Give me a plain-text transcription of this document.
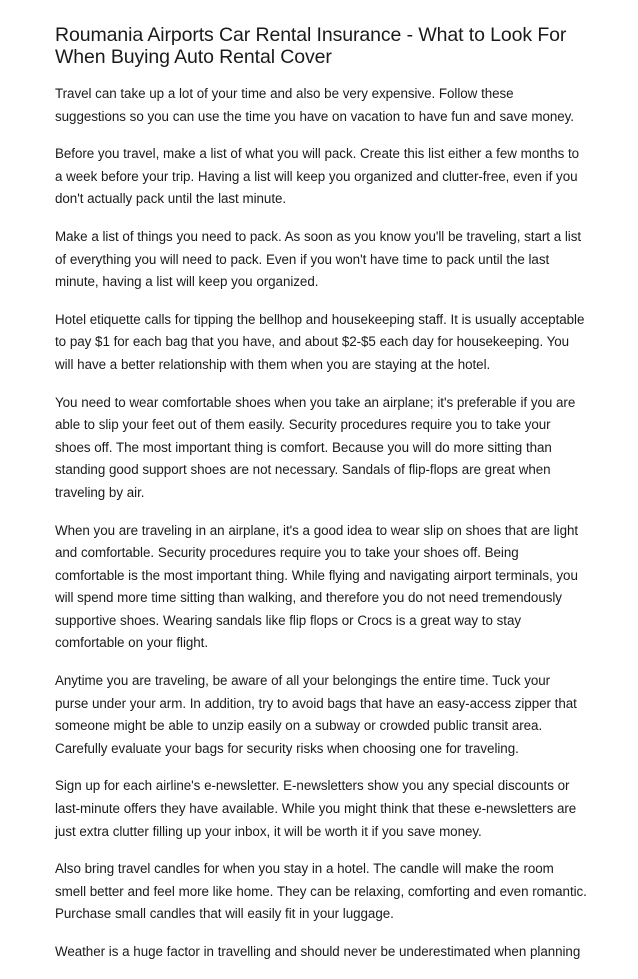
Roumania Airports Car Rental Insurance - What to Look For When Buying Auto Rental Cover

Travel can take up a lot of your time and also be very expensive. Follow these suggestions so you can use the time you have on vacation to have fun and save money.

Before you travel, make a list of what you will pack. Create this list either a few months to a week before your trip. Having a list will keep you organized and clutter-free, even if you don't actually pack until the last minute.

Make a list of things you need to pack. As soon as you know you'll be traveling, start a list of everything you will need to pack. Even if you won't have time to pack until the last minute, having a list will keep you organized.

Hotel etiquette calls for tipping the bellhop and housekeeping staff. It is usually acceptable to pay $1 for each bag that you have, and about $2-$5 each day for housekeeping. You will have a better relationship with them when you are staying at the hotel.

You need to wear comfortable shoes when you take an airplane; it's preferable if you are able to slip your feet out of them easily. Security procedures require you to take your shoes off. The most important thing is comfort. Because you will do more sitting than standing good support shoes are not necessary. Sandals of flip-flops are great when traveling by air.

When you are traveling in an airplane, it's a good idea to wear slip on shoes that are light and comfortable. Security procedures require you to take your shoes off. Being comfortable is the most important thing. While flying and navigating airport terminals, you will spend more time sitting than walking, and therefore you do not need tremendously supportive shoes. Wearing sandals like flip flops or Crocs is a great way to stay comfortable on your flight.

Anytime you are traveling, be aware of all your belongings the entire time. Tuck your purse under your arm. In addition, try to avoid bags that have an easy-access zipper that someone might be able to unzip easily on a subway or crowded public transit area. Carefully evaluate your bags for security risks when choosing one for traveling.

Sign up for each airline's e-newsletter. E-newsletters show you any special discounts or last-minute offers they have available. While you might think that these e-newsletters are just extra clutter filling up your inbox, it will be worth it if you save money.

Also bring travel candles for when you stay in a hotel. The candle will make the room smell better and feel more like home. They can be relaxing, comforting and even romantic. Purchase small candles that will easily fit in your luggage.

Weather is a huge factor in travelling and should never be underestimated when planning
